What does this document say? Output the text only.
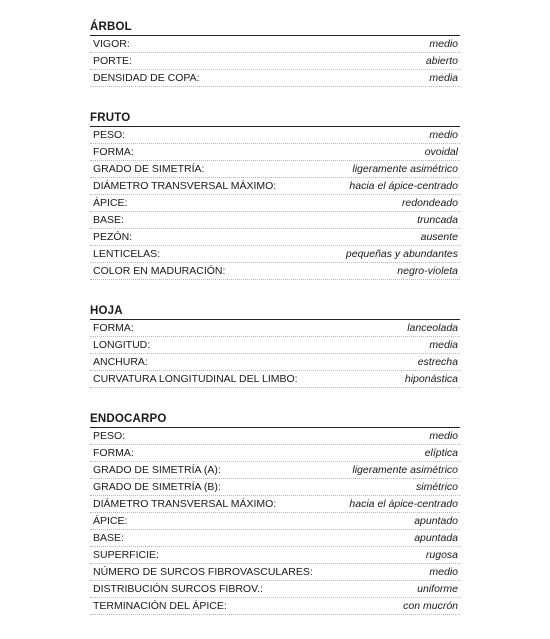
ÁRBOL
VIGOR:	medio
PORTE:	abierto
DENSIDAD DE COPA:	media
FRUTO
PESO:	medio
FORMA:	ovoidal
GRADO DE SIMETRÍA:	ligeramente asimétrico
DIÁMETRO TRANSVERSAL MÁXIMO:	hacia el ápice-centrado
ÁPICE:	redondeado
BASE:	truncada
PEZÓN:	ausente
LENTICELAS:	pequeñas y abundantes
COLOR EN MADURACIÓN:	negro-violeta
HOJA
FORMA:	lanceolada
LONGITUD:	media
ANCHURA:	estrecha
CURVATURA LONGITUDINAL DEL LIMBO:	hiponástica
ENDOCARPO
PESO:	medio
FORMA:	elíptica
GRADO DE SIMETRÍA (A):	ligeramente asimétrico
GRADO DE SIMETRÍA (B):	simétrico
DIÁMETRO TRANSVERSAL MÁXIMO:	hacia el ápice-centrado
ÁPICE:	apuntado
BASE:	apuntada
SUPERFICIE:	rugosa
NÚMERO DE SURCOS FIBROVASCULARES:	medio
DISTRIBUCIÓN SURCOS FIBROV.:	uniforme
TERMINACIÓN DEL ÁPICE:	con mucrón
